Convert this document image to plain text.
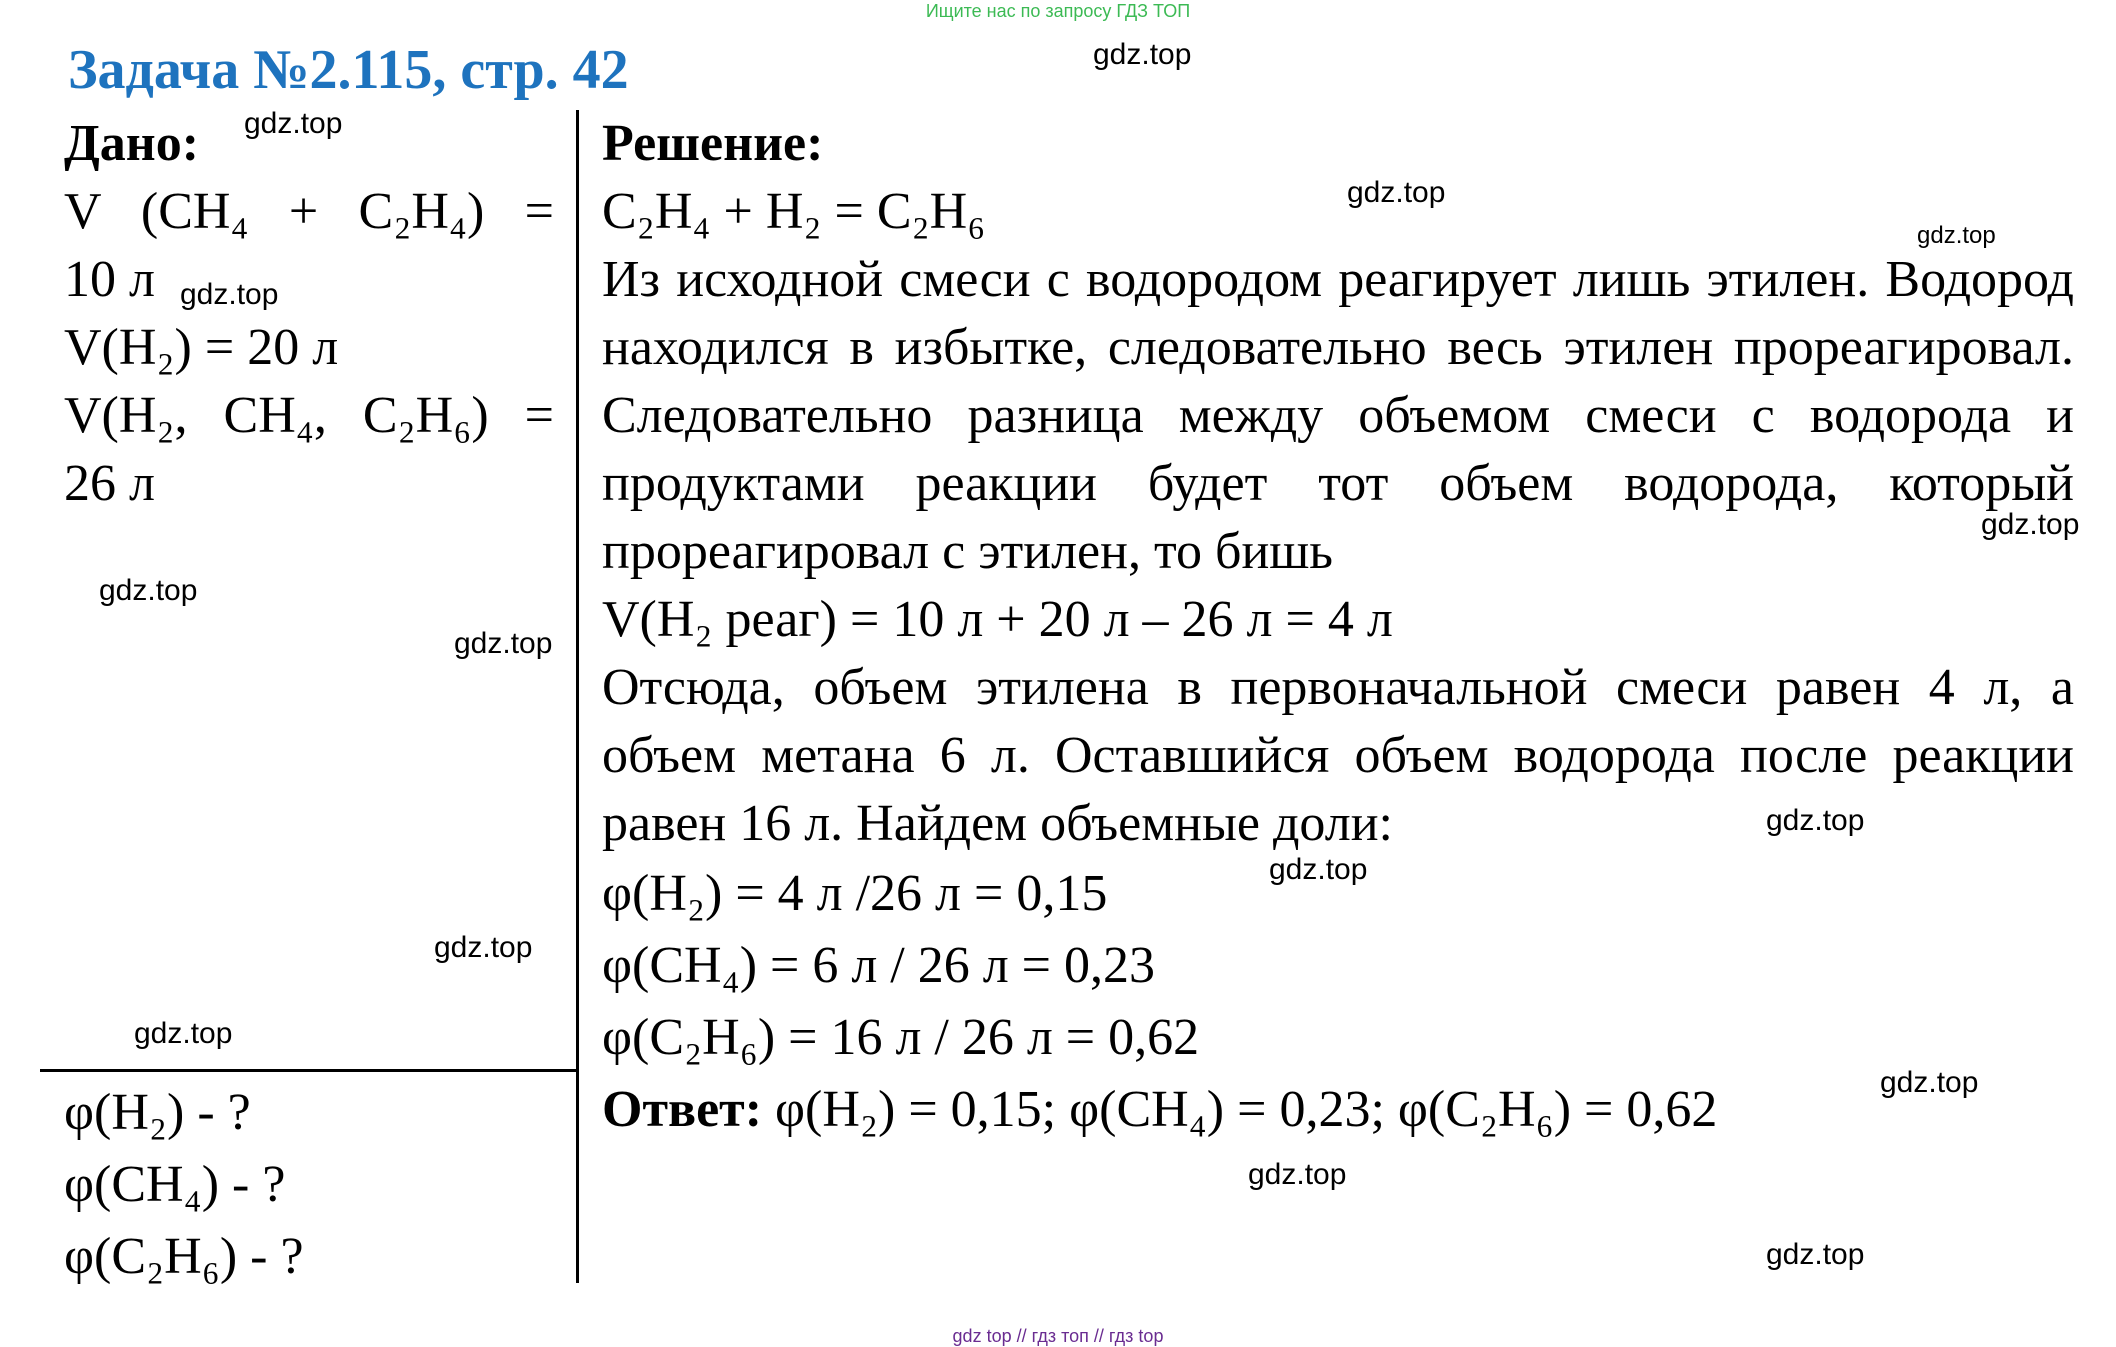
Ищите нас по запросу ГДЗ ТОП
Задача №2.115, стр. 42	gdz.top
gdz.top
gdz.top
gdz.top
gdz.top
gdz.top
gdz.top
gdz.top
gdz.top
gdz.top
gdz.top
gdz.top
gdz.top
gdz.top
gdz.top
Дано:
V (CH₄ + C₂H₄) =
10 л
V(H₂) = 20 л
V(H₂, CH₄, C₂H₆) =
26 л
φ(H₂) - ?
φ(CH₄) - ?
φ(C₂H₆) - ?
Решение:
C₂H₄ + H₂ = C₂H₆
Из исходной смеси с водородом реагирует лишь этилен. Водород находился в избытке, следовательно весь этилен прореагировал. Следовательно разница между объемом смеси с водорода и продуктами реакции будет тот объем водорода, который прореагировал с этилен, то бишь
V(H₂ реаг) = 10 л + 20 л – 26 л = 4 л
Отсюда, объем этилена в первоначальной смеси равен 4 л, а объем метана 6 л. Оставшийся объем водорода после реакции равен 16 л. Найдем объемные доли:
φ(H₂) = 4 л /26 л = 0,15
φ(CH₄) = 6 л / 26 л = 0,23
φ(C₂H₆) = 16 л / 26 л = 0,62
Ответ: φ(H₂) = 0,15; φ(CH₄) = 0,23; φ(C₂H₆) = 0,62
gdz top // гдз топ // гдз top
